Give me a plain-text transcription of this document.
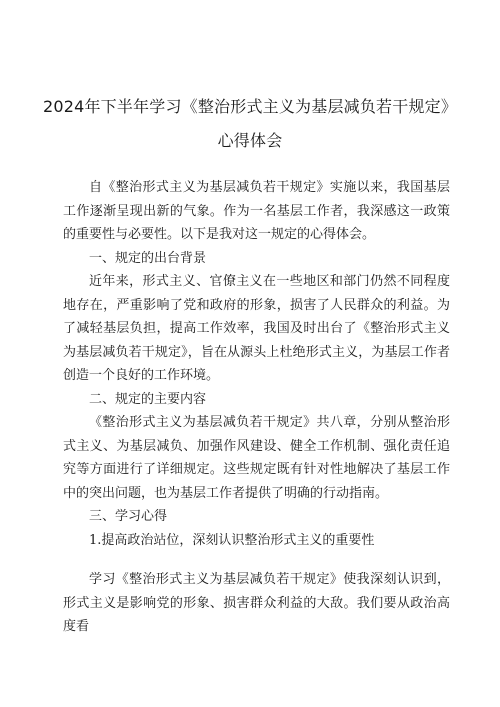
2024年下半年学习《整治形式主义为基层减负若干规定》
心得体会

自《整治形式主义为基层减负若干规定》实施以来，我国基层工作逐渐呈现出新的气象。作为一名基层工作者，我深感这一政策的重要性与必要性。以下是我对这一规定的心得体会。

一、规定的出台背景

近年来，形式主义、官僚主义在一些地区和部门仍然不同程度地存在，严重影响了党和政府的形象，损害了人民群众的利益。为了减轻基层负担，提高工作效率，我国及时出台了《整治形式主义为基层减负若干规定》，旨在从源头上杜绝形式主义，为基层工作者创造一个良好的工作环境。

二、规定的主要内容

《整治形式主义为基层减负若干规定》共八章，分别从整治形式主义、为基层减负、加强作风建设、健全工作机制、强化责任追究等方面进行了详细规定。这些规定既有针对性地解决了基层工作中的突出问题，也为基层工作者提供了明确的行动指南。

三、学习心得

1.提高政治站位，深刻认识整治形式主义的重要性

学习《整治形式主义为基层减负若干规定》使我深刻认识到，形式主义是影响党的形象、损害群众利益的大敌。我们要从政治高度看
